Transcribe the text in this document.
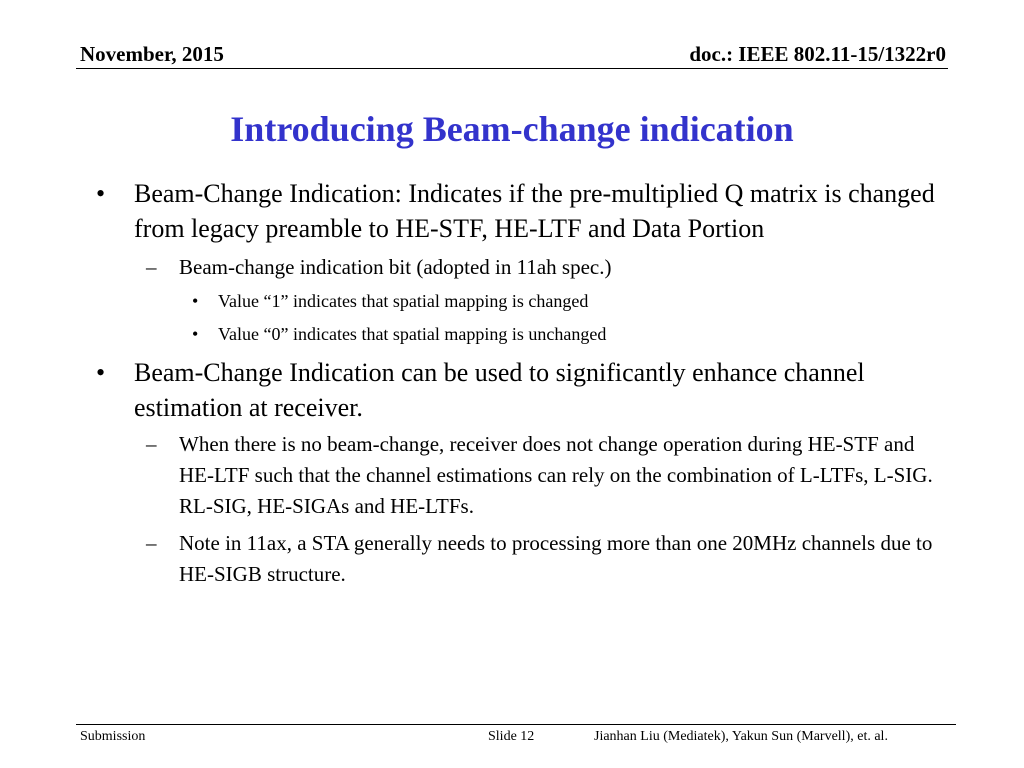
November, 2015	doc.: IEEE 802.11-15/1322r0
Introducing Beam-change indication
• Beam-Change Indication: Indicates if the pre-multiplied Q matrix is changed from legacy preamble to HE-STF, HE-LTF and Data Portion
– Beam-change indication bit (adopted in 11ah spec.)
• Value “1” indicates that spatial mapping is changed
• Value “0” indicates that spatial mapping is unchanged
• Beam-Change Indication can be used to significantly enhance channel estimation at receiver.
– When there is no beam-change, receiver does not change operation during HE-STF and HE-LTF such that the channel estimations can rely on the combination of L-LTFs, L-SIG. RL-SIG, HE-SIGAs and HE-LTFs.
– Note in 11ax, a STA generally needs to processing more than one 20MHz channels due to HE-SIGB structure.
Submission	Slide 12	Jianhan Liu (Mediatek), Yakun Sun (Marvell), et. al.
